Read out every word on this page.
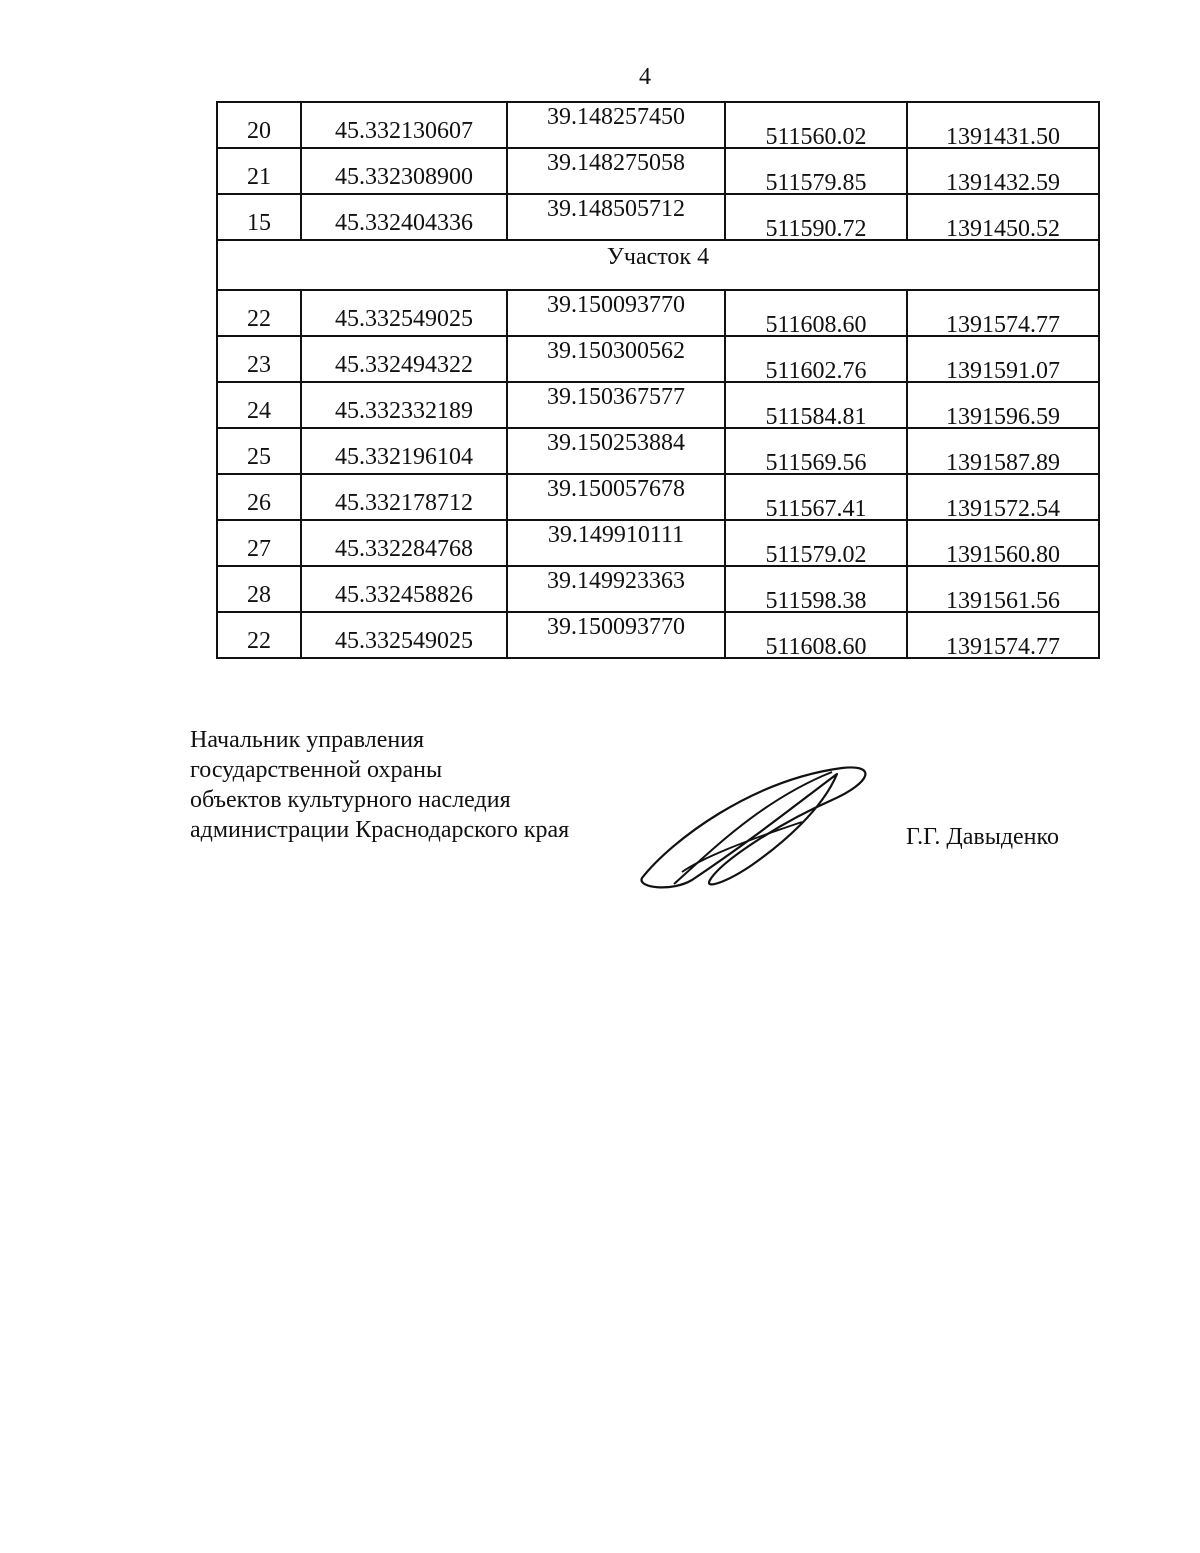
4
20	45.332130607	39.148257450	511560.02	1391431.50
21	45.332308900	39.148275058	511579.85	1391432.59
15	45.332404336	39.148505712	511590.72	1391450.52
Участок 4				
22	45.332549025	39.150093770	511608.60	1391574.77
23	45.332494322	39.150300562	511602.76	1391591.07
24	45.332332189	39.150367577	511584.81	1391596.59
25	45.332196104	39.150253884	511569.56	1391587.89
26	45.332178712	39.150057678	511567.41	1391572.54
27	45.332284768	39.149910111	511579.02	1391560.80
28	45.332458826	39.149923363	511598.38	1391561.56
22	45.332549025	39.150093770	511608.60	1391574.77
Начальник управления
государственной охраны
объектов культурного наследия
администрации Краснодарского края	Г.Г. Давыденко
